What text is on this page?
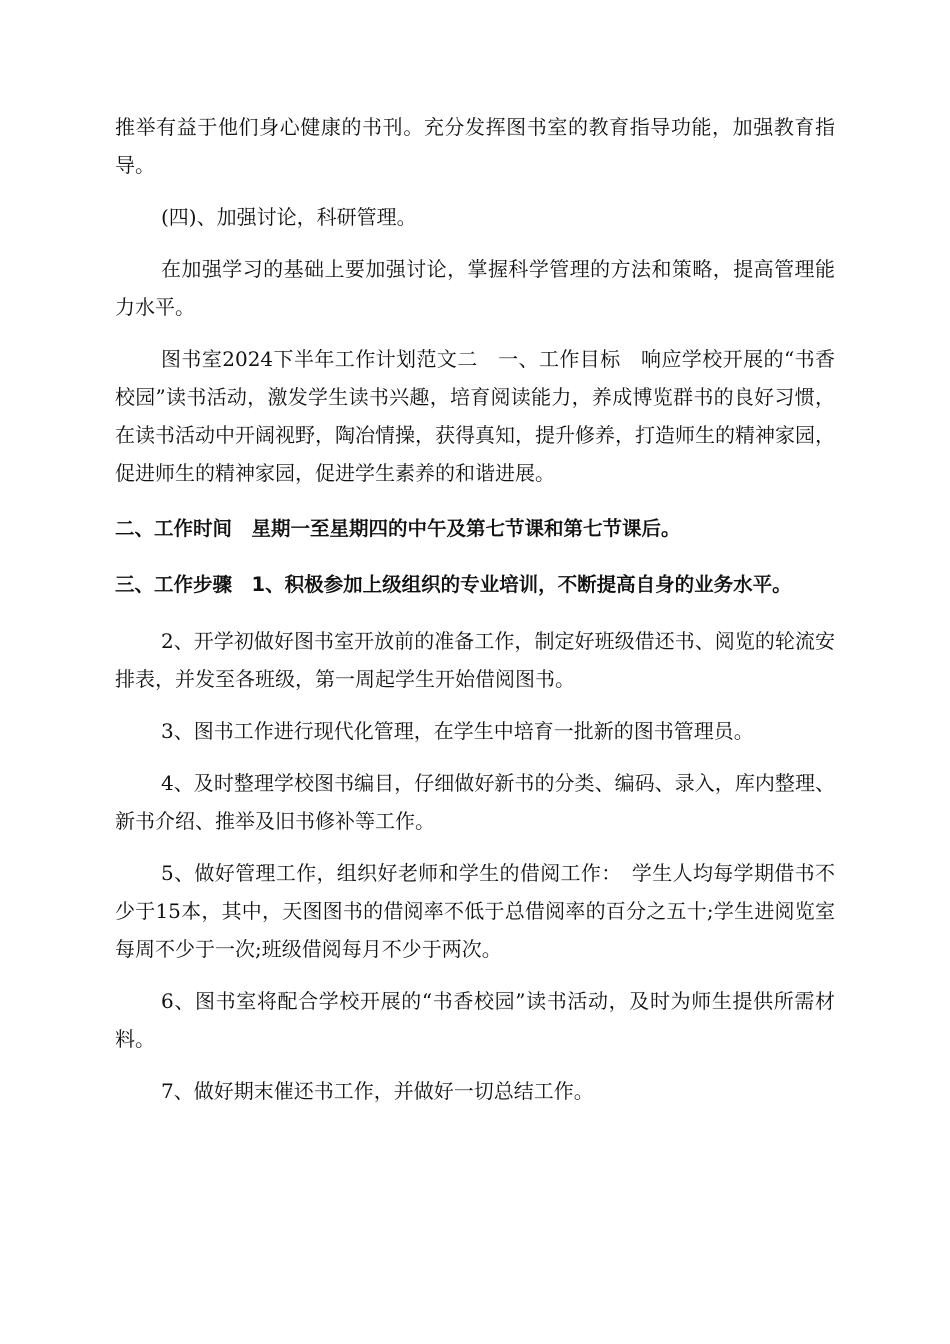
推举有益于他们身心健康的书刊。充分发挥图书室的教育指导功能，加强教育指导。

(四)、加强讨论，科研管理。

在加强学习的基础上要加强讨论，掌握科学管理的方法和策略，提高管理能力水平。

图书室2024下半年工作计划范文二　一、工作目标　响应学校开展的“书香校园”读书活动，激发学生读书兴趣，培育阅读能力，养成博览群书的良好习惯，在读书活动中开阔视野，陶冶情操，获得真知，提升修养，打造师生的精神家园，促进师生的精神家园，促进学生素养的和谐进展。

二、工作时间　星期一至星期四的中午及第七节课和第七节课后。

三、工作步骤　1、积极参加上级组织的专业培训，不断提高自身的业务水平。

2、开学初做好图书室开放前的准备工作，制定好班级借还书、阅览的轮流安排表，并发至各班级，第一周起学生开始借阅图书。

3、图书工作进行现代化管理，在学生中培育一批新的图书管理员。

4、及时整理学校图书编目，仔细做好新书的分类、编码、录入，库内整理、新书介绍、推举及旧书修补等工作。

5、做好管理工作，组织好老师和学生的借阅工作：　学生人均每学期借书不少于15本，其中，天图图书的借阅率不低于总借阅率的百分之五十;学生进阅览室每周不少于一次;班级借阅每月不少于两次。

6、图书室将配合学校开展的“书香校园”读书活动，及时为师生提供所需材料。

7、做好期末催还书工作，并做好一切总结工作。
